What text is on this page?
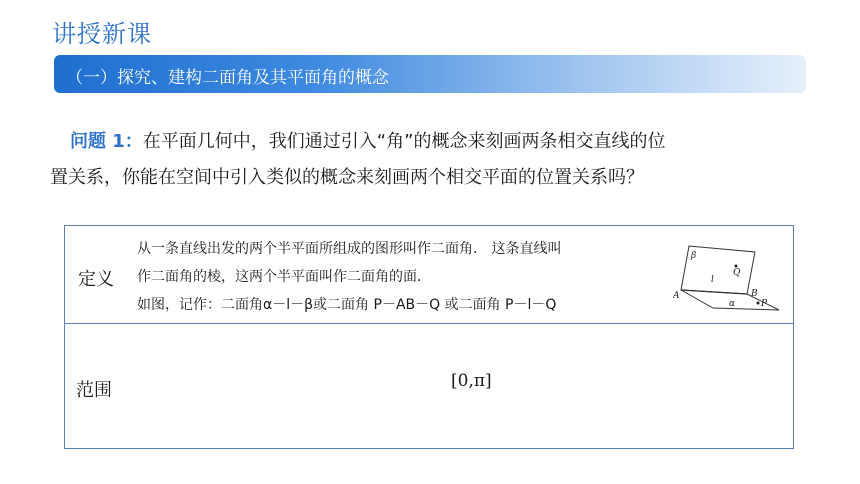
讲授新课
（一）探究、建构二面角及其平面角的概念
问题 1：在平面几何中，我们通过引入“角”的概念来刻画两条相交直线的位
置关系，你能在空间中引入类似的概念来刻画两个相交平面的位置关系吗？
定义
从一条直线出发的两个半平面所组成的图形叫作二面角． 这条直线叫
作二面角的棱，这两个半平面叫作二面角的面．
如图，记作：二面角α－l－β或二面角 P－AB－Q 或二面角 P－l－Q
β
l
Q
A	B
α	P
范围	[0,π]
